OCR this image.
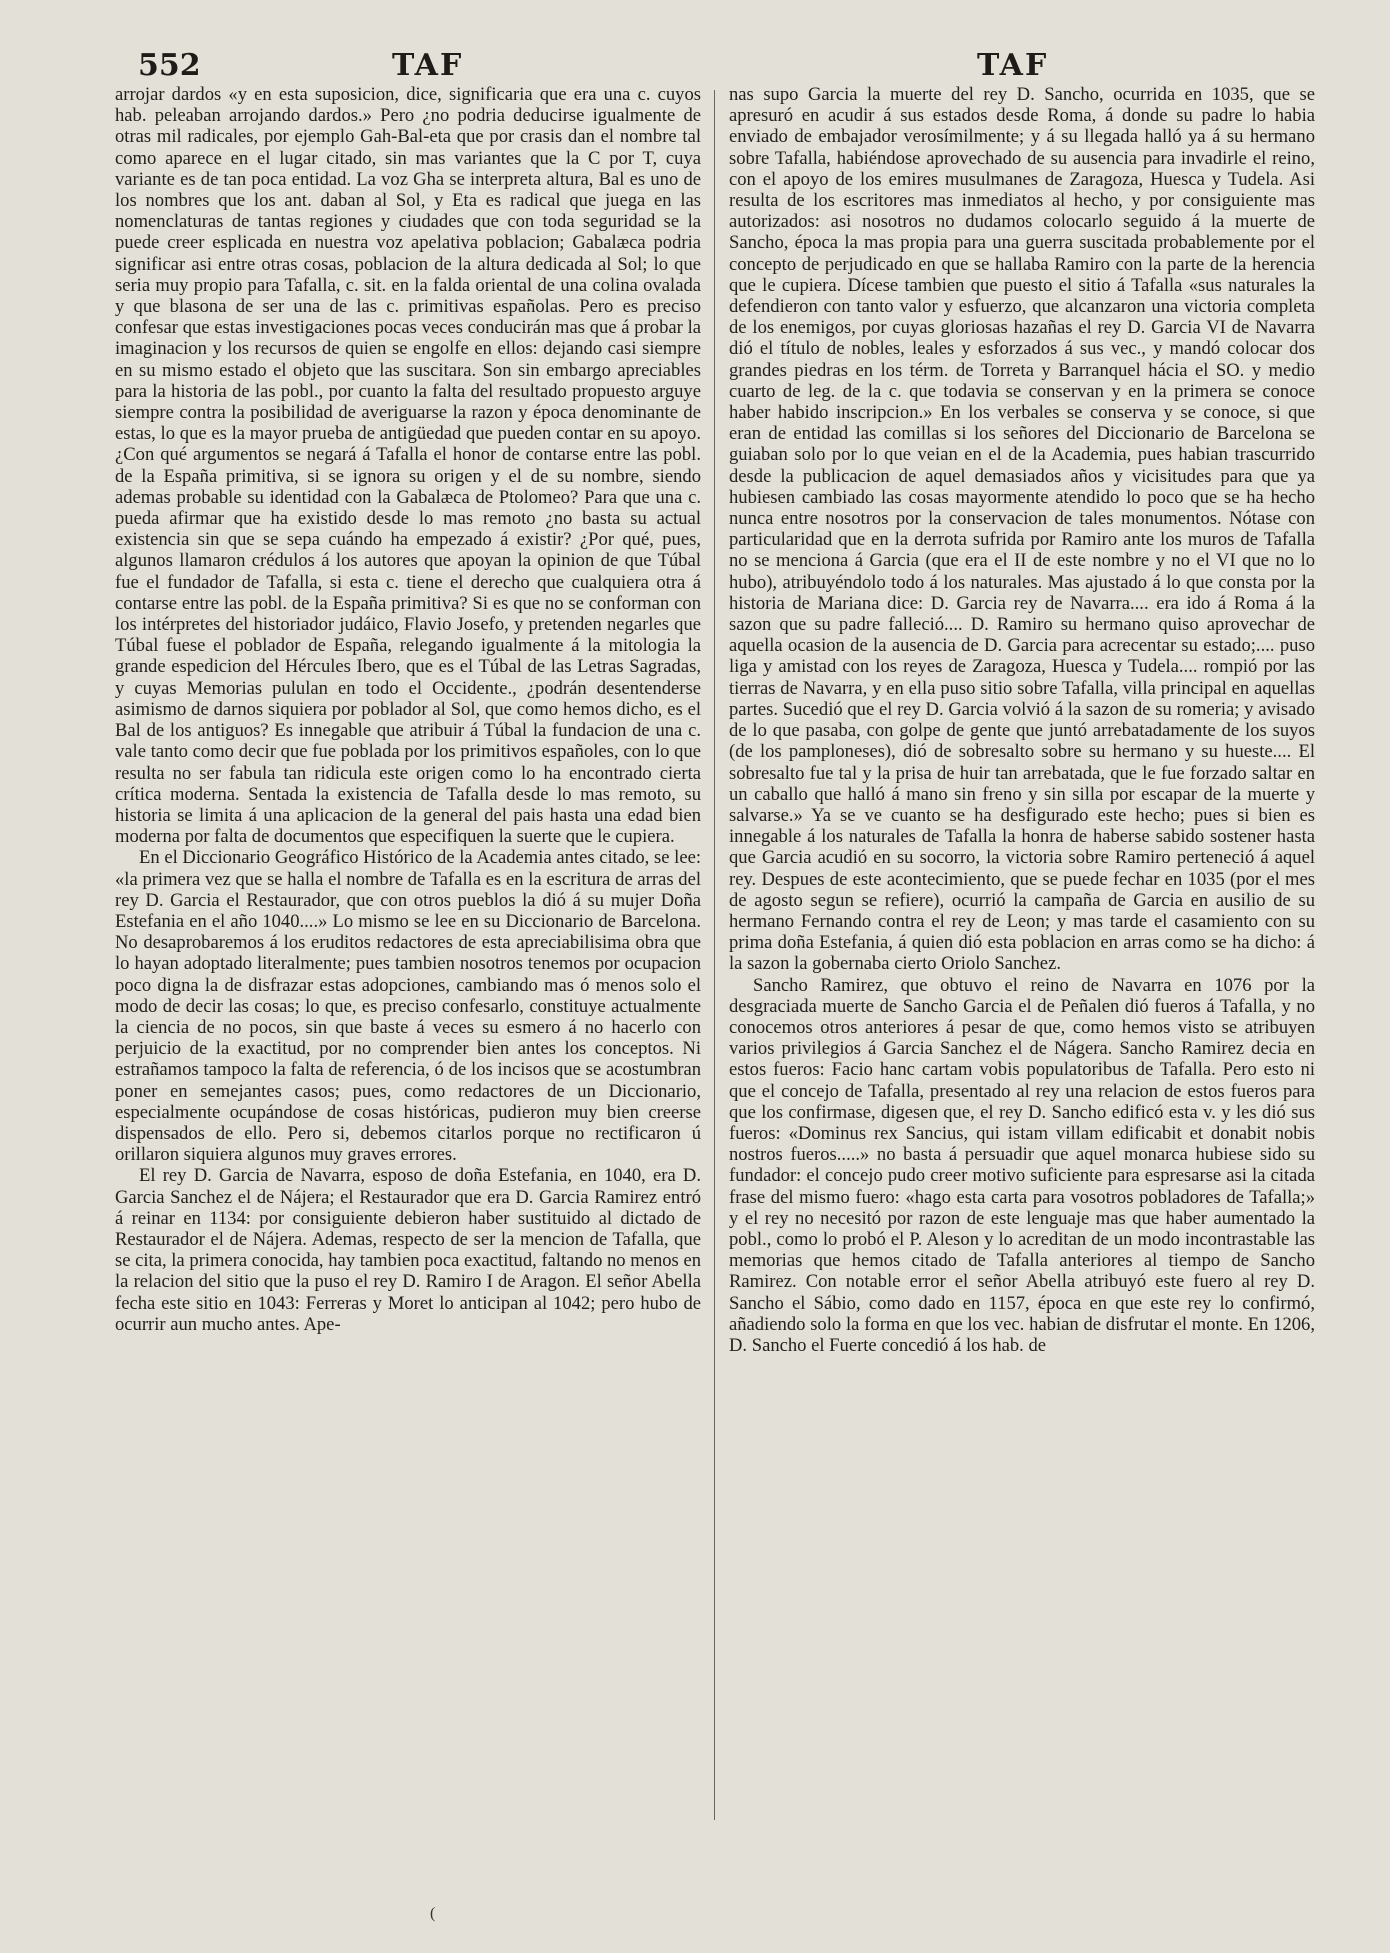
552	TAF	TAF

arrojar dardos «y en esta suposicion, dice, significaria que era una c. cuyos hab. peleaban arrojando dardos.» Pero ¿no podria deducirse igualmente de otras mil radicales, por ejemplo Gah-Bal-eta que por crasis dan el nombre tal como aparece en el lugar citado, sin mas variantes que la C por T, cuya variante es de tan poca entidad. La voz Gha se interpreta altura, Bal es uno de los nombres que los ant. daban al Sol, y Eta es radical que juega en las nomenclaturas de tantas regiones y ciudades que con toda seguridad se la puede creer esplicada en nuestra voz apelativa poblacion; Gabalæca podria significar asi entre otras cosas, poblacion de la altura dedicada al Sol; lo que seria muy propio para Tafalla, c. sit. en la falda oriental de una colina ovalada y que blasona de ser una de las c. primitivas españolas. Pero es preciso confesar que estas investigaciones pocas veces conducirán mas que á probar la imaginacion y los recursos de quien se engolfe en ellos: dejando casi siempre en su mismo estado el objeto que las suscitara. Son sin embargo apreciables para la historia de las pobl., por cuanto la falta del resultado propuesto arguye siempre contra la posibilidad de averiguarse la razon y época denominante de estas, lo que es la mayor prueba de antigüedad que pueden contar en su apoyo. ¿Con qué argumentos se negará á Tafalla el honor de contarse entre las pobl. de la España primitiva, si se ignora su origen y el de su nombre, siendo ademas probable su identidad con la Gabalæca de Ptolomeo? Para que una c. pueda afirmar que ha existido desde lo mas remoto ¿no basta su actual existencia sin que se sepa cuándo ha empezado á existir? ¿Por qué, pues, algunos llamaron crédulos á los autores que apoyan la opinion de que Túbal fue el fundador de Tafalla, si esta c. tiene el derecho que cualquiera otra á contarse entre las pobl. de la España primitiva? Si es que no se conforman con los intérpretes del historiador judáico, Flavio Josefo, y pretenden negarles que Túbal fuese el poblador de España, relegando igualmente á la mitologia la grande espedicion del Hércules Ibero, que es el Túbal de las Letras Sagradas, y cuyas Memorias pululan en todo el Occidente., ¿podrán desentenderse asimismo de darnos siquiera por poblador al Sol, que como hemos dicho, es el Bal de los antiguos? Es innegable que atribuir á Túbal la fundacion de una c. vale tanto como decir que fue poblada por los primitivos españoles, con lo que resulta no ser fabula tan ridicula este origen como lo ha encontrado cierta crítica moderna. Sentada la existencia de Tafalla desde lo mas remoto, su historia se limita á una aplicacion de la general del pais hasta una edad bien moderna por falta de documentos que especifiquen la suerte que le cupiera.

En el Diccionario Geográfico Histórico de la Academia antes citado, se lee: «la primera vez que se halla el nombre de Tafalla es en la escritura de arras del rey D. Garcia el Restaurador, que con otros pueblos la dió á su mujer Doña Estefania en el año 1040....» Lo mismo se lee en su Diccionario de Barcelona. No desaprobaremos á los eruditos redactores de esta apreciabilisima obra que lo hayan adoptado literalmente; pues tambien nosotros tenemos por ocupacion poco digna la de disfrazar estas adopciones, cambiando mas ó menos solo el modo de decir las cosas; lo que, es preciso confesarlo, constituye actualmente la ciencia de no pocos, sin que baste á veces su esmero á no hacerlo con perjuicio de la exactitud, por no comprender bien antes los conceptos. Ni estrañamos tampoco la falta de referencia, ó de los incisos que se acostumbran poner en semejantes casos; pues, como redactores de un Diccionario, especialmente ocupándose de cosas históricas, pudieron muy bien creerse dispensados de ello. Pero si, debemos citarlos porque no rectificaron ú orillaron siquiera algunos muy graves errores.

El rey D. Garcia de Navarra, esposo de doña Estefania, en 1040, era D. Garcia Sanchez el de Nájera; el Restaurador que era D. Garcia Ramirez entró á reinar en 1134: por consiguiente debieron haber sustituido al dictado de Restaurador el de Nájera. Ademas, respecto de ser la mencion de Tafalla, que se cita, la primera conocida, hay tambien poca exactitud, faltando no menos en la relacion del sitio que la puso el rey D. Ramiro I de Aragon. El señor Abella fecha este sitio en 1043: Ferreras y Moret lo anticipan al 1042; pero hubo de ocurrir aun mucho antes. Ape-

nas supo Garcia la muerte del rey D. Sancho, ocurrida en 1035, que se apresuró en acudir á sus estados desde Roma, á donde su padre lo habia enviado de embajador verosímilmente; y á su llegada halló ya á su hermano sobre Tafalla, habiéndose aprovechado de su ausencia para invadirle el reino, con el apoyo de los emires musulmanes de Zaragoza, Huesca y Tudela. Asi resulta de los escritores mas inmediatos al hecho, y por consiguiente mas autorizados: asi nosotros no dudamos colocarlo seguido á la muerte de Sancho, época la mas propia para una guerra suscitada probablemente por el concepto de perjudicado en que se hallaba Ramiro con la parte de la herencia que le cupiera. Dícese tambien que puesto el sitio á Tafalla «sus naturales la defendieron con tanto valor y esfuerzo, que alcanzaron una victoria completa de los enemigos, por cuyas gloriosas hazañas el rey D. Garcia VI de Navarra dió el título de nobles, leales y esforzados á sus vec., y mandó colocar dos grandes piedras en los térm. de Torreta y Barranquel hácia el SO. y medio cuarto de leg. de la c. que todavia se conservan y en la primera se conoce haber habido inscripcion.» En los verbales se conserva y se conoce, si que eran de entidad las comillas si los señores del Diccionario de Barcelona se guiaban solo por lo que veian en el de la Academia, pues habian trascurrido desde la publicacion de aquel demasiados años y vicisitudes para que ya hubiesen cambiado las cosas mayormente atendido lo poco que se ha hecho nunca entre nosotros por la conservacion de tales monumentos. Nótase con particularidad que en la derrota sufrida por Ramiro ante los muros de Tafalla no se menciona á Garcia (que era el II de este nombre y no el VI que no lo hubo), atribuyéndolo todo á los naturales. Mas ajustado á lo que consta por la historia de Mariana dice: D. Garcia rey de Navarra.... era ido á Roma á la sazon que su padre falleció.... D. Ramiro su hermano quiso aprovechar de aquella ocasion de la ausencia de D. Garcia para acrecentar su estado;.... puso liga y amistad con los reyes de Zaragoza, Huesca y Tudela.... rompió por las tierras de Navarra, y en ella puso sitio sobre Tafalla, villa principal en aquellas partes. Sucedió que el rey D. Garcia volvió á la sazon de su romeria; y avisado de lo que pasaba, con golpe de gente que juntó arrebatadamente de los suyos (de los pamploneses), dió de sobresalto sobre su hermano y su hueste.... El sobresalto fue tal y la prisa de huir tan arrebatada, que le fue forzado saltar en un caballo que halló á mano sin freno y sin silla por escapar de la muerte y salvarse.» Ya se ve cuanto se ha desfigurado este hecho; pues si bien es innegable á los naturales de Tafalla la honra de haberse sabido sostener hasta que Garcia acudió en su socorro, la victoria sobre Ramiro perteneció á aquel rey. Despues de este acontecimiento, que se puede fechar en 1035 (por el mes de agosto segun se refiere), ocurrió la campaña de Garcia en ausilio de su hermano Fernando contra el rey de Leon; y mas tarde el casamiento con su prima doña Estefania, á quien dió esta poblacion en arras como se ha dicho: á la sazon la gobernaba cierto Oriolo Sanchez.

Sancho Ramirez, que obtuvo el reino de Navarra en 1076 por la desgraciada muerte de Sancho Garcia el de Peñalen dió fueros á Tafalla, y no conocemos otros anteriores á pesar de que, como hemos visto se atribuyen varios privilegios á Garcia Sanchez el de Nágera. Sancho Ramirez decia en estos fueros: Facio hanc cartam vobis populatoribus de Tafalla. Pero esto ni que el concejo de Tafalla, presentado al rey una relacion de estos fueros para que los confirmase, digesen que, el rey D. Sancho edificó esta v. y les dió sus fueros: «Dominus rex Sancius, qui istam villam edificabit et donabit nobis nostros fueros.....» no basta á persuadir que aquel monarca hubiese sido su fundador: el concejo pudo creer motivo suficiente para espresarse asi la citada frase del mismo fuero: «hago esta carta para vosotros pobladores de Tafalla;» y el rey no necesitó por razon de este lenguaje mas que haber aumentado la pobl., como lo probó el P. Aleson y lo acreditan de un modo incontrastable las memorias que hemos citado de Tafalla anteriores al tiempo de Sancho Ramirez. Con notable error el señor Abella atribuyó este fuero al rey D. Sancho el Sábio, como dado en 1157, época en que este rey lo confirmó, añadiendo solo la forma en que los vec. habian de disfrutar el monte. En 1206, D. Sancho el Fuerte concedió á los hab. de

(
